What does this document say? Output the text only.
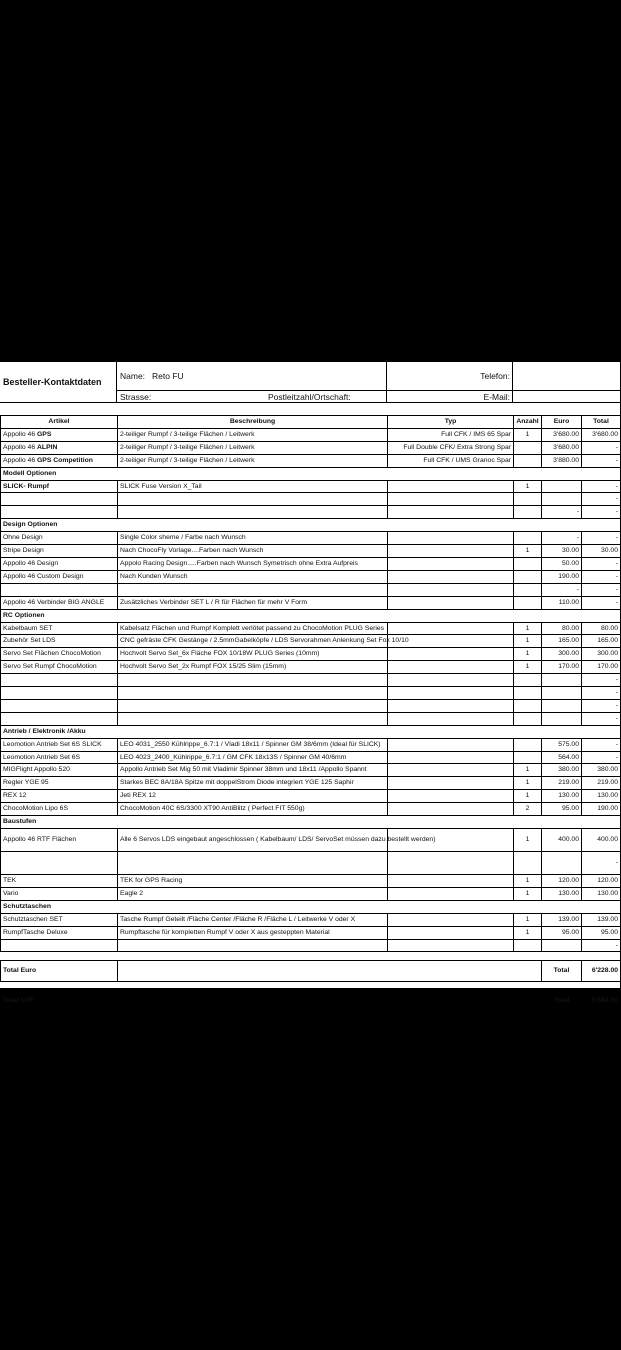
Besteller-Kontaktdaten
Name: Reto FU
Strasse:	Postleitzahl/Ortschaft:
Telefon:
E-Mail:
Artikel	Beschreibung	Typ	Anzahl	Euro	Total
Appollo 46 GPS	2-teiliger Rumpf / 3-teilige Flächen / Leitwerk	Full CFK / IMS 65 Spar	1	3'680.00	3'680.00
Appollo 46 ALPIN	2-teiliger Rumpf / 3-teilige Flächen / Leitwerk	Full Double CFK/ Extra Strong Spar		3'680.00	-
Appollo 46 GPS Competition	2-teiliger Rumpf / 3-teilige Flächen / Leitwerk	Full CFK / UMS Granoc Spar		3'880.00	-
Modell Optionen					
SLICK- Rumpf	SLICK Fuse Version X_Tail		1		-
					-
				-	-
Design Optionen					
Ohne Design	Single Color sheme / Farbe nach Wunsch			-	-
Stripe Design	Nach ChocoFly Vorlage....Farben nach Wunsch		1	30.00	30.00
Appollo 46 Design	Appolo Racing Design.....Farben nach Wunsch Symetrisch ohne Extra Aufpreis			50.00	-
Appollo 46 Custom Design	Nach Kunden Wunsch			190.00	-
				-	-
Appollo 46 Verbinder BIG ANGLE	Zusätzliches Verbinder SET L / R für Flächen für mehr V Form			110.00	-
RC Optionen					
Kabelbaum SET	Kabelsatz Flächen und Rumpf Komplett verlötet passend zu ChocoMotion PLUG Series		1	80.00	80.00
Zubehör Set LDS	CNC gefräste CFK Gestänge / 2.5mmGabelköpfe / LDS Servorahmen Anlenkung Set Fox 10/10		1	165.00	165.00
Servo Set Flächen ChocoMotion	Hochvolt Servo Set_6x Fläche FOX 10/18W PLUG Series (10mm)		1	300.00	300.00
Servo Set Rumpf ChocoMotion	Hochvolt Servo Set_2x Rumpf FOX 15/25 Slim (15mm)		1	170.00	170.00
					-
					-
					-
					-
Antrieb / Elektronik /Akku					
Leomotion Antrieb Set 6S SLICK	LEO 4031_2550 Kühlrippe_6.7:1 / Vladi 18x11 / Spinner GM 38/6mm (Ideal für SLICK)			575.00	-
Leomotion Antrieb Set 6S	LEO 4023_2400_Kühlrippe_6.7:1 / GM CFK 18x13S / Spinner GM 40/6mm			564.00	-
MIGFlight Appollo 520	Appollo Antrieb Set Mig 50 mit Vladimir Spinner 38mm und 18x11 /Appollo Spannt		1	380.00	380.00
Regler YGE 95	Starkes BEC 8A/18A Spitze mit doppelStrom Diode integriert YGE 125 Saphir		1	219.00	219.00
REX 12	Jeti REX 12		1	130.00	130.00
ChocoMotion Lipo 6S	ChocoMotion 40C 6S/3300 XT90 AntiBlitz ( Perfect FIT 550g)		2	95.00	190.00
Baustufen					
Appollo 46 RTF Flächen	Alle 6 Servos LDS eingebaut angeschlossen ( Kabelbaum/ LDS/ ServoSet müssen dazu bestellt werden)		1	400.00	400.00
					-
TEK	TEK for GPS Racing		1	120.00	120.00
Vario	Eagle 2		1	130.00	130.00
Schutztaschen					
Schutztaschen SET	Tasche Rumpf Geteilt /Fläche Center /Fläche R /Fläche L / Leitwerke V oder X		1	139.00	139.00
RumpfTasche Deluxe	Rumpftasche für kompletten Rumpf V oder X aus gesteppten Material		1	95.00	95.00
					-

Total Euro				Total	6'228.00

Total CHF				Total	5'864.00
